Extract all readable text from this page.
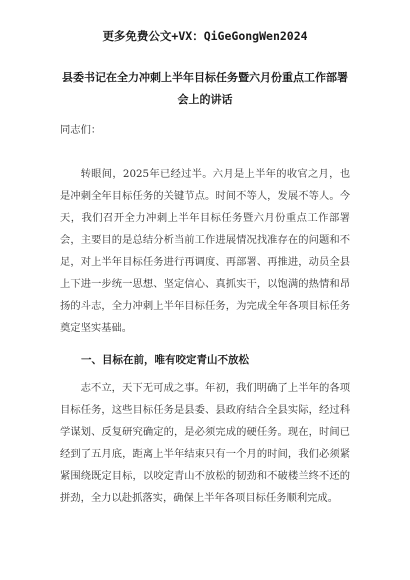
更多免费公文+VX：QiGeGongWen2024
县委书记在全力冲刺上半年目标任务暨六月份重点工作部署会上的讲话
同志们：
转眼间，2025年已经过半。六月是上半年的收官之月，也是冲刺全年目标任务的关键节点。时间不等人，发展不等人。今天，我们召开全力冲刺上半年目标任务暨六月份重点工作部署会，主要目的是总结分析当前工作进展情况找准存在的问题和不足，对上半年目标任务进行再调度、再部署、再推进，动员全县上下进一步统一思想、坚定信心、真抓实干，以饱满的热情和昂扬的斗志，全力冲刺上半年目标任务，为完成全年各项目标任务奠定坚实基础。
一、目标在前，唯有咬定青山不放松
志不立，天下无可成之事。年初，我们明确了上半年的各项目标任务，这些目标任务是县委、县政府结合全县实际，经过科学谋划、反复研究确定的，是必须完成的硬任务。现在，时间已经到了五月底，距离上半年结束只有一个月的时间，我们必须紧紧围绕既定目标，以咬定青山不放松的韧劲和不破楼兰终不还的拼劲，全力以赴抓落实，确保上半年各项目标任务顺利完成。
